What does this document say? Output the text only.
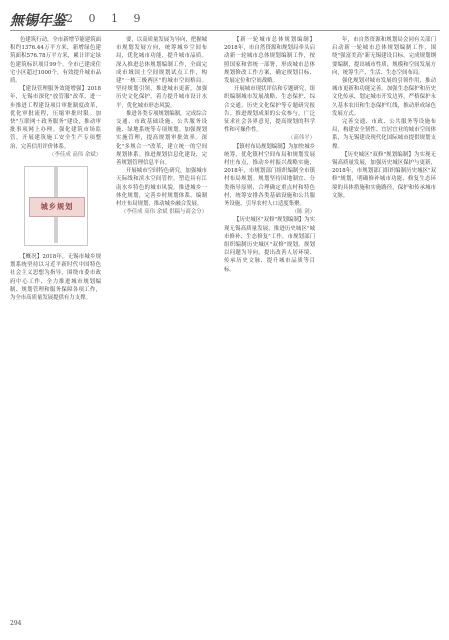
無锡年鉴 2 0 1 9

色建筑行动，全市新增节能建筑面积约1376.44万平方米，新增绿色建筑面积576.78万平方米，累计评定绿色建筑标识项目99个。全市已建成住宅小区超过1000个，有效提升城市品质。

【建设管理服务效能增强】2018年，无锡市深化"放管服"改革，进一步推进工程建设项目审批制度改革，优化审批流程，压缩审批时限。加快"互联网＋政务服务"建设，推动审批事项网上办理。强化建筑市场监管，开展建筑施工安全生产专项整治，完善信用评价体系。

（李佳成 高伟 余斌）

城乡规划

【概况】2018年，无锡市城乡规划系统坚持以习近平新时代中国特色社会主义思想为指导，围绕市委市政府中心工作，全力推进城市规划编制、规划管理和服务保障各项工作，为全市高质量发展提供有力支撑。

要，以高质量发展为导向，把握城市规划发展方向，统筹城乡空间布局，优化城市功能，提升城市品质。深入推进总体规划编制工作，全面完成市域国土空间规划试点工作，构建"一核三极两区"的城市空间格局。坚持规划引领，推进城市更新，加强历史文化保护。着力提升城市设计水平，优化城市形态风貌。

推进各类专项规划编制，完成综合交通、市政基础设施、公共服务设施、绿地系统等专项规划。加强规划实施管理，提高规划审批效率。深化"多规合一"改革，建立统一的空间规划体系。推进规划信息化建设，完善规划管理信息平台。

开展城市空间特色研究，加强城市天际线和滨水空间管控，塑造具有江南水乡特色的城市风貌。推进城乡一体化规划，完善乡村规划体系，编制村庄布局规划，推动城乡融合发展。

（李佳成 高伟 余斌 供稿与商会分）

【新一轮城市总体规划编制】2018年，市自然资源和规划局牵头启动新一轮城市总体规划编制工作，按照国家和省统一部署，形成城市总体规划修改工作方案，确定规划目标、发展定位和空间战略。

开展城市现状评估和专题研究，组织编制城市发展战略、生态保护、综合交通、历史文化保护等专题研究报告。推进规划成果的公众参与，广泛征求社会各界意见，提高规划的科学性和可操作性。

（高伟平）

【镇村布局规划编制】为加快城乡统筹，优化镇村空间布局和规划发展村庄布点，推动乡村振兴战略实施，2018年，市规划部门组织编制全市镇村布局规划。规划坚持因地制宜、分类指导原则，合理确定重点村和特色村，统筹安排各类基础设施和公共服务设施，引导农村人口适度集聚。

（陈 剑）

【历史城区"双修"规划编制】为实现无锡高质量发展，推进历史城区"城市修补、生态修复"工作，市规划部门组织编制历史城区"双修"规划。规划以问题为导向，提出改善人居环境、传承历史文脉、提升城市品质等目标。

年，市自然资源和规划局会同有关部门启动新一轮城市总体规划编制工作，围绕"强富美高"新无锡建设目标，完成规划纲要编制，提出城市性质、规模和空间发展方向，统筹生产、生活、生态空间布局。

强化规划对城市发展的引领作用，推动城市更新和功能完善。加强生态保护和历史文化传承，划定城市开发边界，严格保护永久基本农田和生态保护红线，推动形成绿色发展方式。

完善交通、市政、公共服务等设施布局，构建安全韧性、宜居宜业的城市空间体系，为无锡建设现代化国际城市提供规划支撑。

【历史城区"双修"规划编制】为实现无锡高质量发展，加强历史城区保护与更新，2018年，市规划部门组织编制历史城区"双修"规划，明确修补城市功能、修复生态环境的具体措施和实施路径，保护和传承城市文脉。

294
